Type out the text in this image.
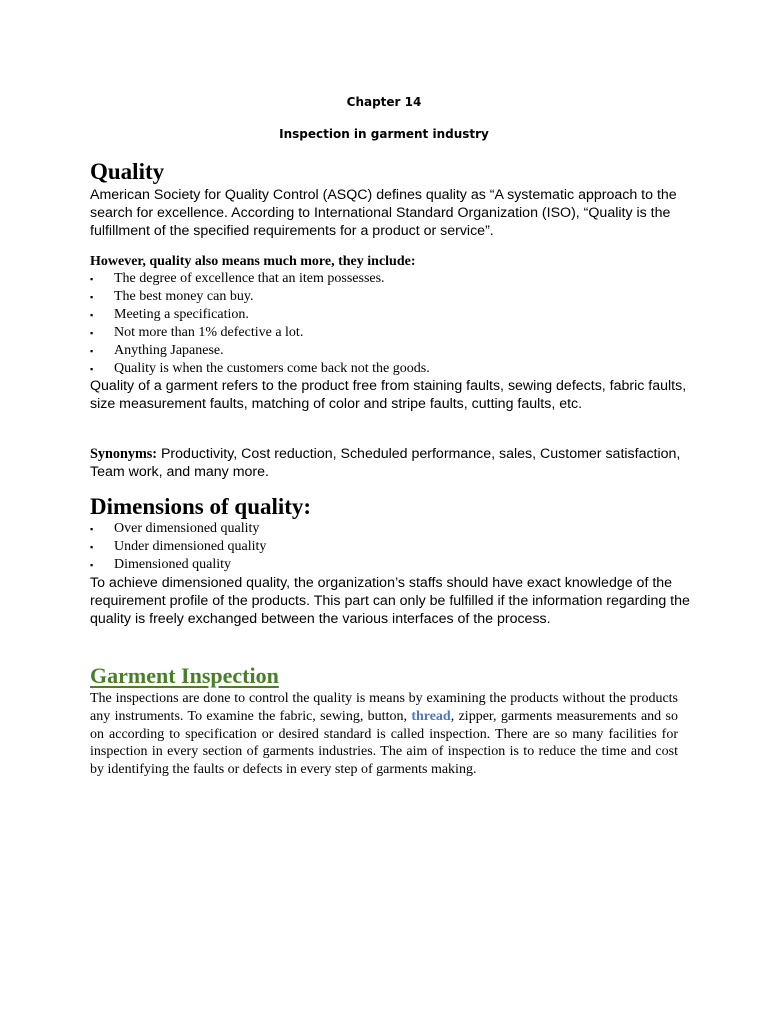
Chapter 14
Inspection in garment industry
Quality

American Society for Quality Control (ASQC) defines quality as “A systematic approach to the search for excellence. According to International Standard Organization (ISO), “Quality is the fulfillment of the specified requirements for a product or service”.

However, quality also means much more, they include:

▪ The degree of excellence that an item possesses.
▪ The best money can buy.
▪ Meeting a specification.
▪ Not more than 1% defective a lot.
▪ Anything Japanese.
▪ Quality is when the customers come back not the goods.

Quality of a garment refers to the product free from staining faults, sewing defects, fabric faults, size measurement faults, matching of color and stripe faults, cutting faults, etc.

Synonyms: Productivity, Cost reduction, Scheduled performance, sales, Customer satisfaction, Team work, and many more.

Dimensions of quality:
▪ Over dimensioned quality
▪ Under dimensioned quality
▪ Dimensioned quality

To achieve dimensioned quality, the organization’s staffs should have exact knowledge of the requirement profile of the products. This part can only be fulfilled if the information regarding the quality is freely exchanged between the various interfaces of the process.

Garment Inspection

The inspections are done to control the quality is means by examining the products without the products any instruments. To examine the fabric, sewing, button, thread, zipper, garments measurements and so on according to specification or desired standard is called inspection. There are so many facilities for inspection in every section of garments industries. The aim of inspection is to reduce the time and cost by identifying the faults or defects in every step of garments making.
